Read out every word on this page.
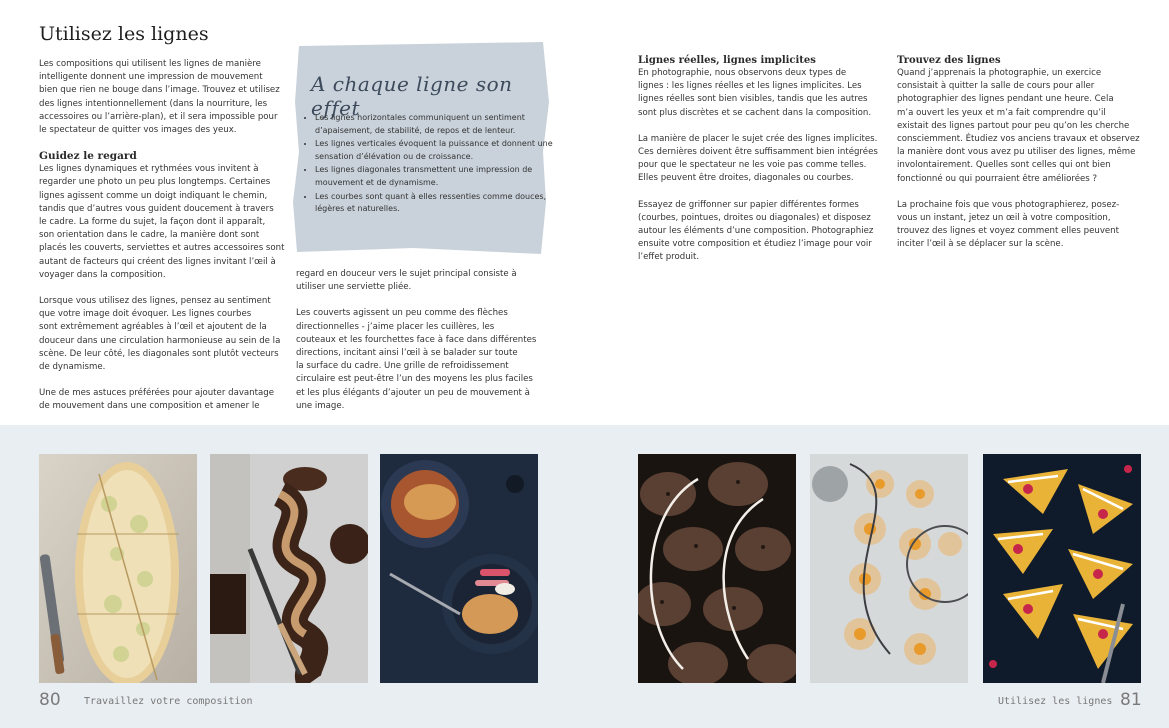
Utilisez les lignes

Les compositions qui utilisent les lignes de manière
intelligente donnent une impression de mouvement
bien que rien ne bouge dans l’image. Trouvez et utilisez
des lignes intentionnellement (dans la nourriture, les
accessoires ou l’arrière-plan), et il sera impossible pour
le spectateur de quitter vos images des yeux.

Guidez le regard

Les lignes dynamiques et rythmées vous invitent à
regarder une photo un peu plus longtemps. Certaines
lignes agissent comme un doigt indiquant le chemin,
tandis que d’autres vous guident doucement à travers
le cadre. La forme du sujet, la façon dont il apparaît,
son orientation dans le cadre, la manière dont sont
placés les couverts, serviettes et autres accessoires sont
autant de facteurs qui créent des lignes invitant l’œil à
voyager dans la composition.

Lorsque vous utilisez des lignes, pensez au sentiment
que votre image doit évoquer. Les lignes courbes
sont extrêmement agréables à l’œil et ajoutent de la
douceur dans une circulation harmonieuse au sein de la
scène. De leur côté, les diagonales sont plutôt vecteurs
de dynamisme.

Une de mes astuces préférées pour ajouter davantage
de mouvement dans une composition et amener le

A chaque ligne son effet
• Les lignes horizontales communiquent un sentiment d’apaisement, de stabilité, de repos et de lenteur.
• Les lignes verticales évoquent la puissance et donnent une sensation d’élévation ou de croissance.
• Les lignes diagonales transmettent une impression de mouvement et de dynamisme.
• Les courbes sont quant à elles ressenties comme douces, légères et naturelles.

regard en douceur vers le sujet principal consiste à
utiliser une serviette pliée.

Les couverts agissent un peu comme des flèches
directionnelles - j’aime placer les cuillères, les
couteaux et les fourchettes face à face dans différentes
directions, incitant ainsi l’œil à se balader sur toute
la surface du cadre. Une grille de refroidissement
circulaire est peut-être l’un des moyens les plus faciles
et les plus élégants d’ajouter un peu de mouvement à
une image.

Lignes réelles, lignes implicites

En photographie, nous observons deux types de
lignes : les lignes réelles et les lignes implicites. Les
lignes réelles sont bien visibles, tandis que les autres
sont plus discrètes et se cachent dans la composition.

La manière de placer le sujet crée des lignes implicites.
Ces dernières doivent être suffisamment bien intégrées
pour que le spectateur ne les voie pas comme telles.
Elles peuvent être droites, diagonales ou courbes.

Essayez de griffonner sur papier différentes formes
(courbes, pointues, droites ou diagonales) et disposez
autour les éléments d’une composition. Photographiez
ensuite votre composition et étudiez l’image pour voir
l’effet produit.

Trouvez des lignes

Quand j’apprenais la photographie, un exercice
consistait à quitter la salle de cours pour aller
photographier des lignes pendant une heure. Cela
m’a ouvert les yeux et m’a fait comprendre qu’il
existait des lignes partout pour peu qu’on les cherche
consciemment. Étudiez vos anciens travaux et observez
la manière dont vous avez pu utiliser des lignes, même
involontairement. Quelles sont celles qui ont bien
fonctionné ou qui pourraient être améliorées ?

La prochaine fois que vous photographierez, posez-
vous un instant, jetez un œil à votre composition,
trouvez des lignes et voyez comment elles peuvent
inciter l’œil à se déplacer sur la scène.

80 Travaillez votre composition	Utilisez les lignes 81
